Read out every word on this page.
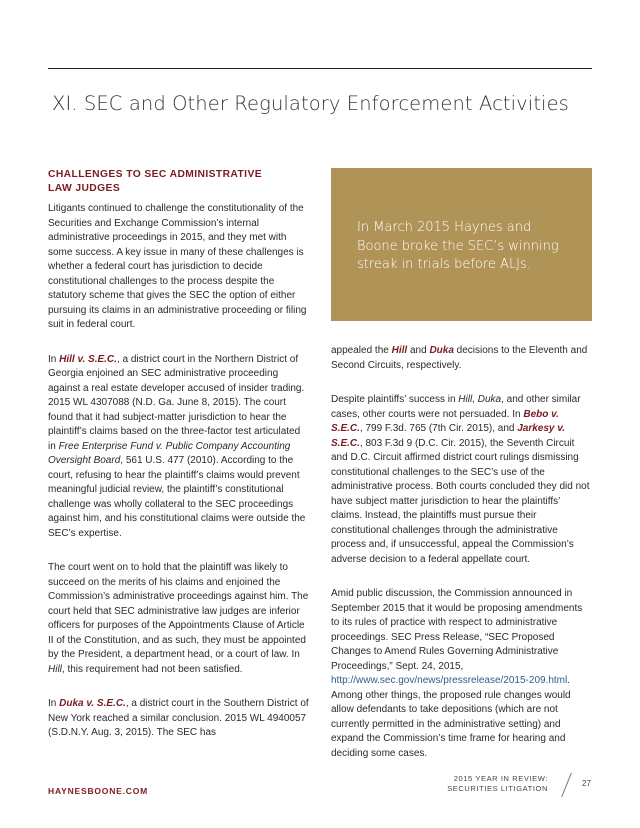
XI. SEC and Other Regulatory Enforcement Activities
CHALLENGES TO SEC ADMINISTRATIVE
LAW JUDGES

Litigants continued to challenge the constitutionality of the Securities and Exchange Commission’s internal administrative proceedings in 2015, and they met with some success. A key issue in many of these challenges is whether a federal court has jurisdiction to decide constitutional challenges to the process despite the statutory scheme that gives the SEC the option of either pursuing its claims in an administrative proceeding or filing suit in federal court.

In Hill v. S.E.C., a district court in the Northern District of Georgia enjoined an SEC administrative proceeding against a real estate developer accused of insider trading. 2015 WL 4307088 (N.D. Ga. June 8, 2015). The court found that it had subject-matter jurisdiction to hear the plaintiff’s claims based on the three-factor test articulated in Free Enterprise Fund v. Public Company Accounting Oversight Board, 561 U.S. 477 (2010). According to the court, refusing to hear the plaintiff’s claims would prevent meaningful judicial review, the plaintiff’s constitutional challenge was wholly collateral to the SEC proceedings against him, and his constitutional claims were outside the SEC’s expertise.

The court went on to hold that the plaintiff was likely to succeed on the merits of his claims and enjoined the Commission’s administrative proceedings against him. The court held that SEC administrative law judges are inferior officers for purposes of the Appointments Clause of Article II of the Constitution, and as such, they must be appointed by the President, a department head, or a court of law. In Hill, this requirement had not been satisfied.

In Duka v. S.E.C., a district court in the Southern District of New York reached a similar conclusion. 2015 WL 4940057 (S.D.N.Y. Aug. 3, 2015). The SEC has

In March 2015 Haynes and Boone broke the SEC’s winning streak in trials before ALJs.

appealed the Hill and Duka decisions to the Eleventh and Second Circuits, respectively.

Despite plaintiffs’ success in Hill, Duka, and other similar cases, other courts were not persuaded. In Bebo v. S.E.C., 799 F.3d. 765 (7th Cir. 2015), and Jarkesy v. S.E.C., 803 F.3d 9 (D.C. Cir. 2015), the Seventh Circuit and D.C. Circuit affirmed district court rulings dismissing constitutional challenges to the SEC’s use of the administrative process. Both courts concluded they did not have subject matter jurisdiction to hear the plaintiffs’ claims. Instead, the plaintiffs must pursue their constitutional challenges through the administrative process and, if unsuccessful, appeal the Commission’s adverse decision to a federal appellate court.

Amid public discussion, the Commission announced in September 2015 that it would be proposing amendments to its rules of practice with respect to administrative proceedings. SEC Press Release, “SEC Proposed Changes to Amend Rules Governing Administrative Proceedings,” Sept. 24, 2015, http://www.sec.gov/news/pressrelease/2015-209.html. Among other things, the proposed rule changes would allow defendants to take depositions (which are not currently permitted in the administrative setting) and expand the Commission’s time frame for hearing and deciding some cases.

HAYNESBOONE.COM
2015 YEAR IN REVIEW:
SECURITIES LITIGATION	27
